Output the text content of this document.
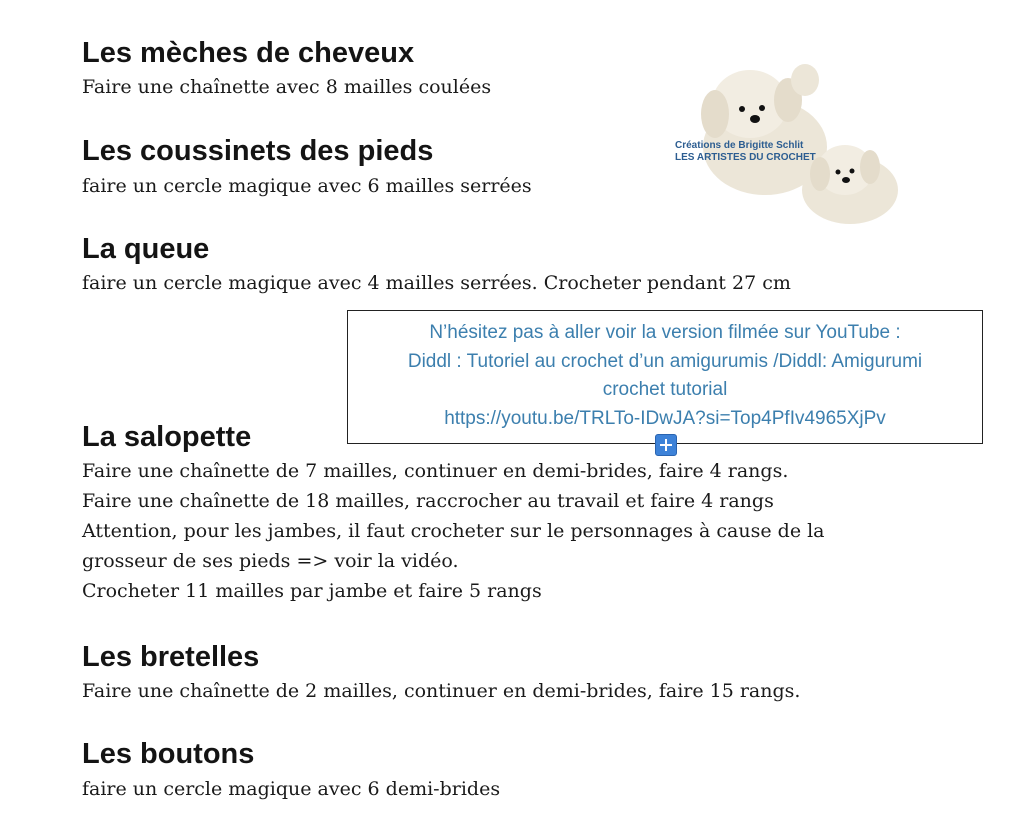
Les mèches de cheveux
Faire une chaînette avec 8 mailles coulées
Les coussinets des pieds
faire un cercle magique avec 6 mailles serrées
La queue
faire un cercle magique avec 4 mailles serrées. Crocheter pendant 27 cm
La salopette
Faire une chaînette de 7 mailles, continuer en demi-brides, faire 4 rangs.
Faire une chaînette de 18 mailles, raccrocher au travail et faire 4 rangs
Attention, pour les jambes, il faut crocheter sur le personnages à cause de la
grosseur de ses pieds => voir la vidéo.
Crocheter 11 mailles par jambe et faire 5 rangs
Les bretelles
Faire une chaînette de 2 mailles, continuer en demi-brides, faire 15 rangs.
Les boutons
faire un cercle magique avec 6 demi-brides
Créations de Brigitte Schlit
LES ARTISTES DU CROCHET
N’hésitez pas à aller voir la version filmée sur YouTube :
Diddl : Tutoriel au crochet d’un amigurumis /Diddl: Amigurumi
crochet tutorial
https://youtu.be/TRLTo-IDwJA?si=Top4PfIv4965XjPv
